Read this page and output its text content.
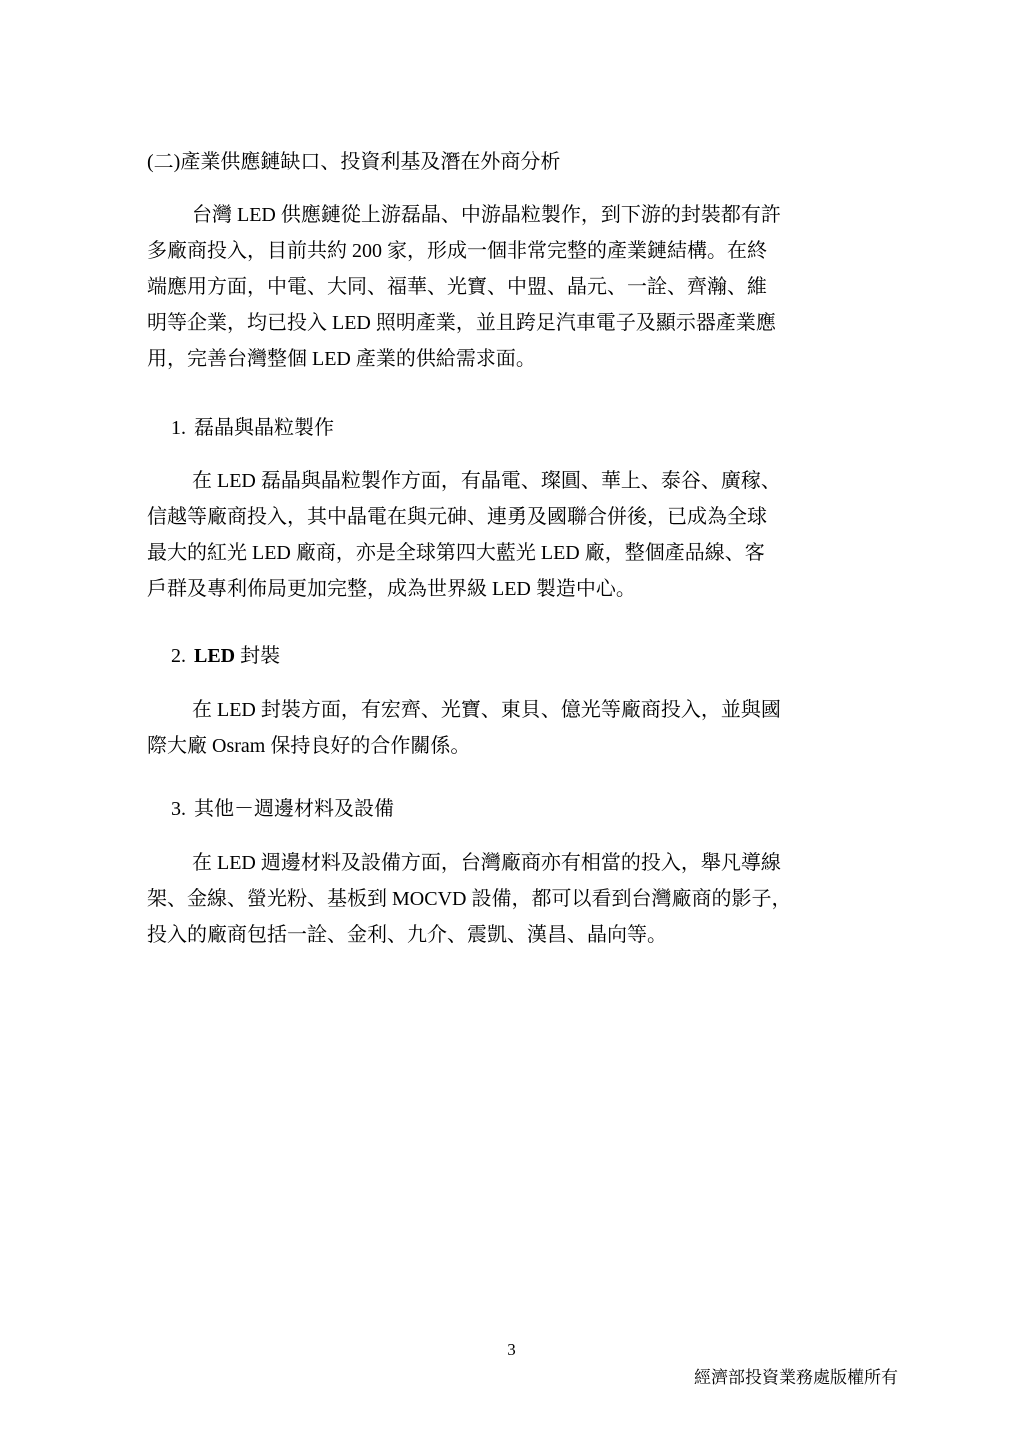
(二)產業供應鏈缺口、投資利基及潛在外商分析
台灣 LED 供應鏈從上游磊晶、中游晶粒製作，到下游的封裝都有許
多廠商投入，目前共約 200 家，形成一個非常完整的產業鏈結構。在終
端應用方面，中電、大同、福華、光寶、中盟、晶元、一詮、齊瀚、維
明等企業，均已投入 LED 照明產業，並且跨足汽車電子及顯示器產業應
用，完善台灣整個 LED 產業的供給需求面。
1. 磊晶與晶粒製作
在 LED 磊晶與晶粒製作方面，有晶電、璨圓、華上、泰谷、廣稼、
信越等廠商投入，其中晶電在與元砷、連勇及國聯合併後，已成為全球
最大的紅光 LED 廠商，亦是全球第四大藍光 LED 廠，整個產品線、客
戶群及專利佈局更加完整，成為世界級 LED 製造中心。
2. LED 封裝
在 LED 封裝方面，有宏齊、光寶、東貝、億光等廠商投入，並與國
際大廠 Osram 保持良好的合作關係。
3. 其他－週邊材料及設備
在 LED 週邊材料及設備方面，台灣廠商亦有相當的投入，舉凡導線
架、金線、螢光粉、基板到 MOCVD 設備，都可以看到台灣廠商的影子，
投入的廠商包括一詮、金利、九介、震凱、漢昌、晶向等。
3
經濟部投資業務處版權所有
